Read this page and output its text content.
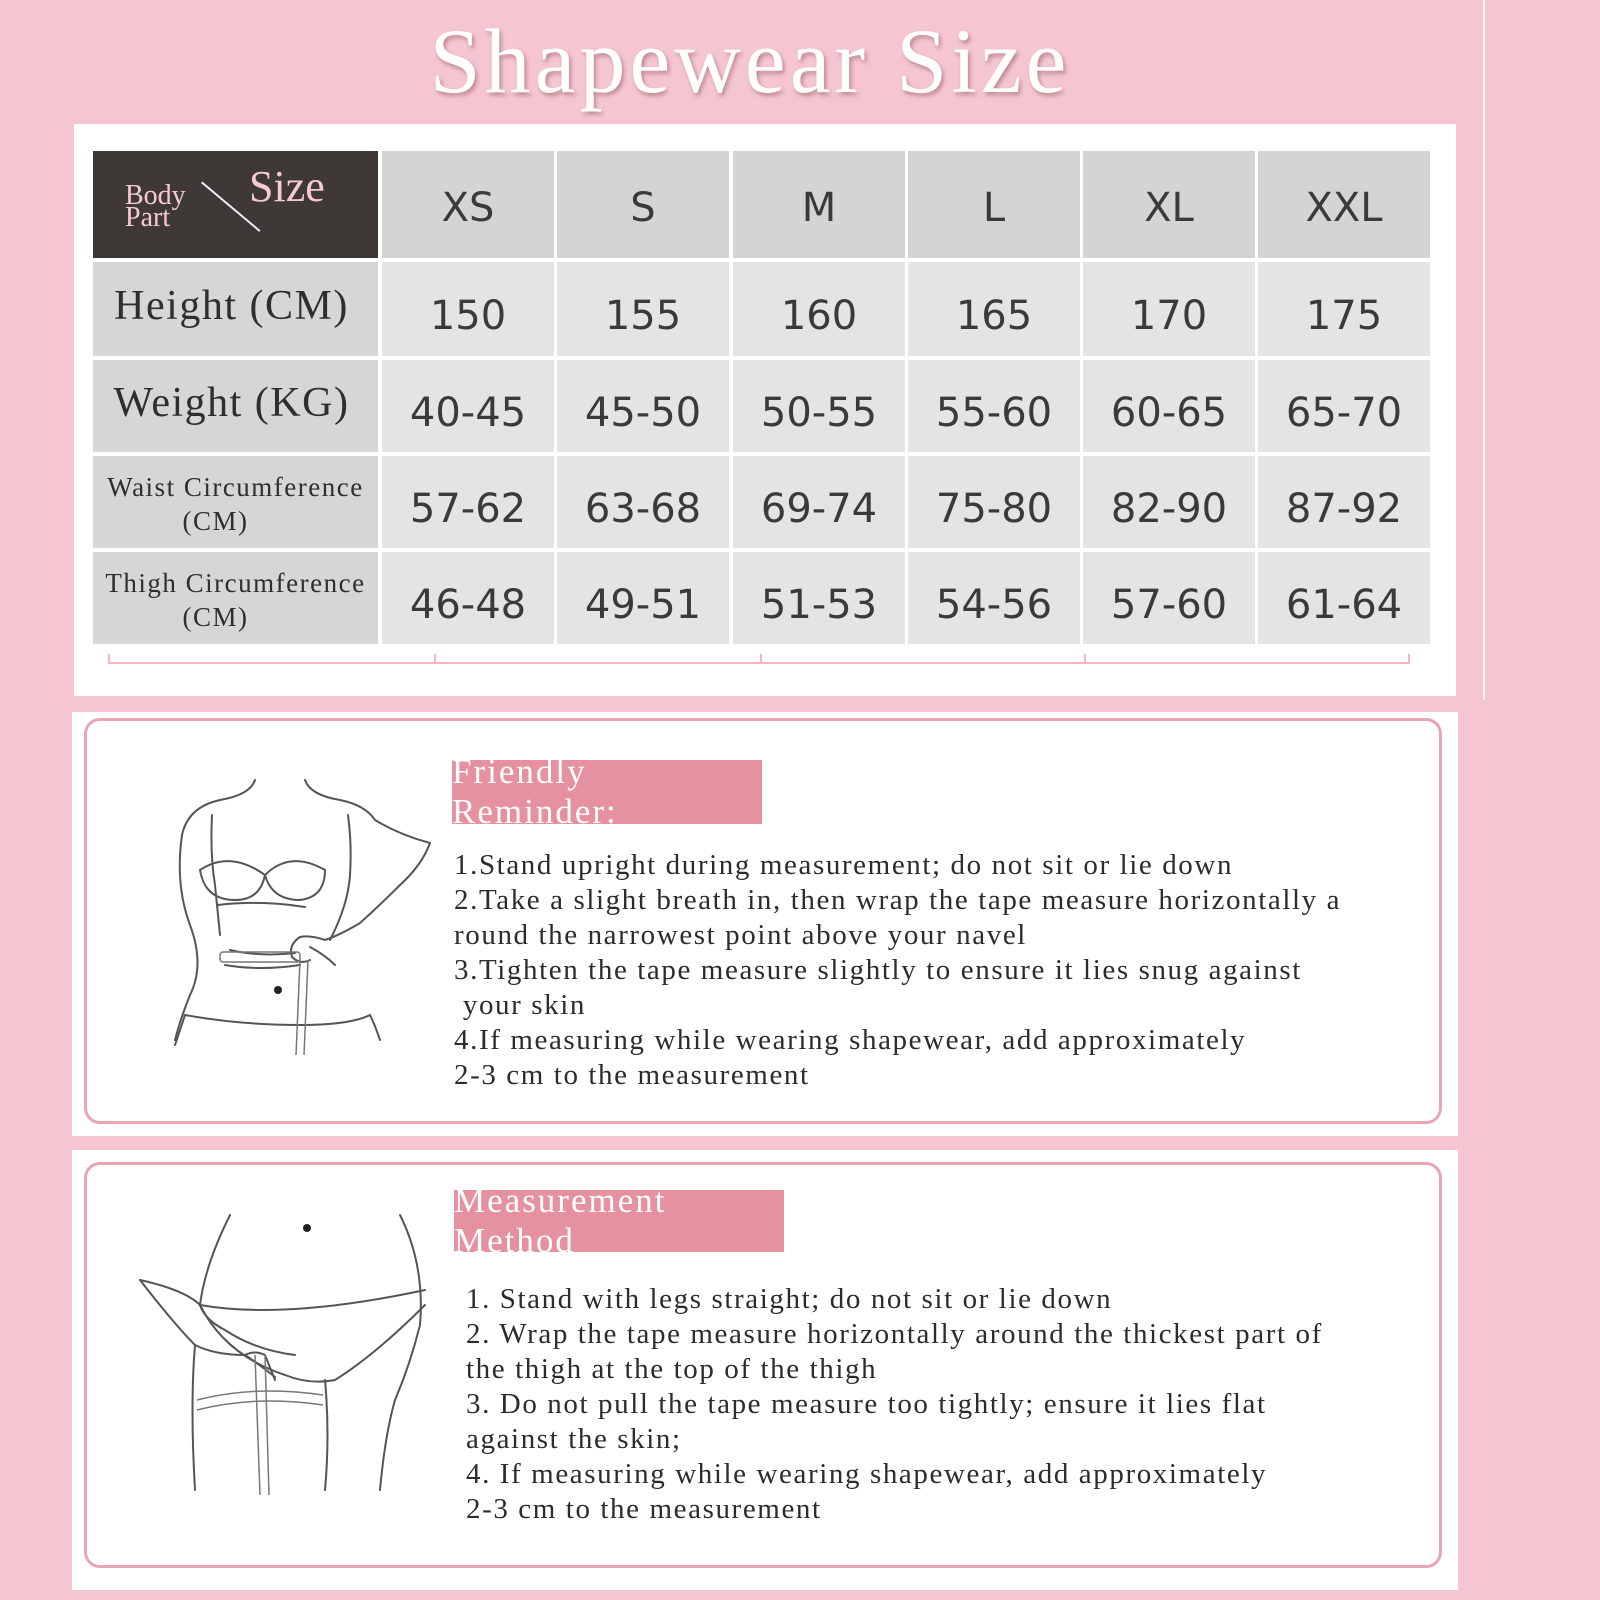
Shapewear Size
Body
Part
Size	XS	S	M	L	XL	XXL
Height (CM)	150	155	160	165	170	175
Weight (KG)	40-45	45-50	50-55	55-60	60-65	65-70
Waist Circumference
(CM)	57-62	63-68	69-74	75-80	82-90	87-92
Thigh Circumference
(CM)	46-48	49-51	51-53	54-56	57-60	61-64
Friendly Reminder:
1.Stand upright during measurement; do not sit or lie down
2.Take a slight breath in, then wrap the tape measure horizontally a
round the narrowest point above your navel
3.Tighten the tape measure slightly to ensure it lies snug against
your skin
4.If measuring while wearing shapewear, add approximately
2-3 cm to the measurement
Measurement Method
1. Stand with legs straight; do not sit or lie down
2. Wrap the tape measure horizontally around the thickest part of
the thigh at the top of the thigh
3. Do not pull the tape measure too tightly; ensure it lies flat
against the skin;
4. If measuring while wearing shapewear, add approximately
2-3 cm to the measurement
